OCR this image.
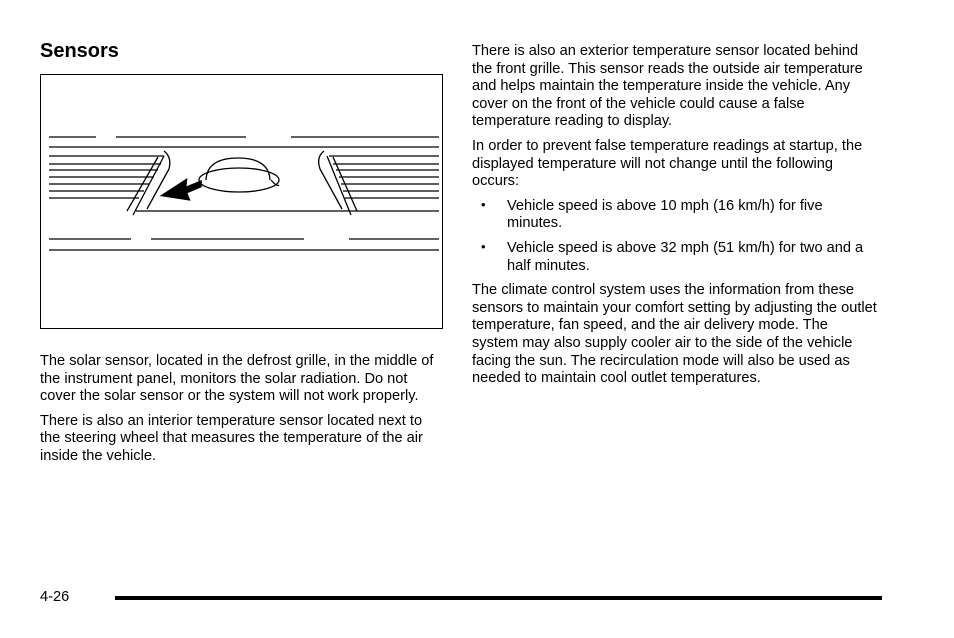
Sensors

The solar sensor, located in the defrost grille, in the middle of the instrument panel, monitors the solar radiation. Do not cover the solar sensor or the system will not work properly.

There is also an interior temperature sensor located next to the steering wheel that measures the temperature of the air inside the vehicle.

There is also an exterior temperature sensor located behind the front grille. This sensor reads the outside air temperature and helps maintain the temperature inside the vehicle. Any cover on the front of the vehicle could cause a false temperature reading to display.

In order to prevent false temperature readings at startup, the displayed temperature will not change until the following occurs:

• Vehicle speed is above 10 mph (16 km/h) for five minutes.
• Vehicle speed is above 32 mph (51 km/h) for two and a half minutes.

The climate control system uses the information from these sensors to maintain your comfort setting by adjusting the outlet temperature, fan speed, and the air delivery mode. The system may also supply cooler air to the side of the vehicle facing the sun. The recirculation mode will also be used as needed to maintain cool outlet temperatures.

4-26
